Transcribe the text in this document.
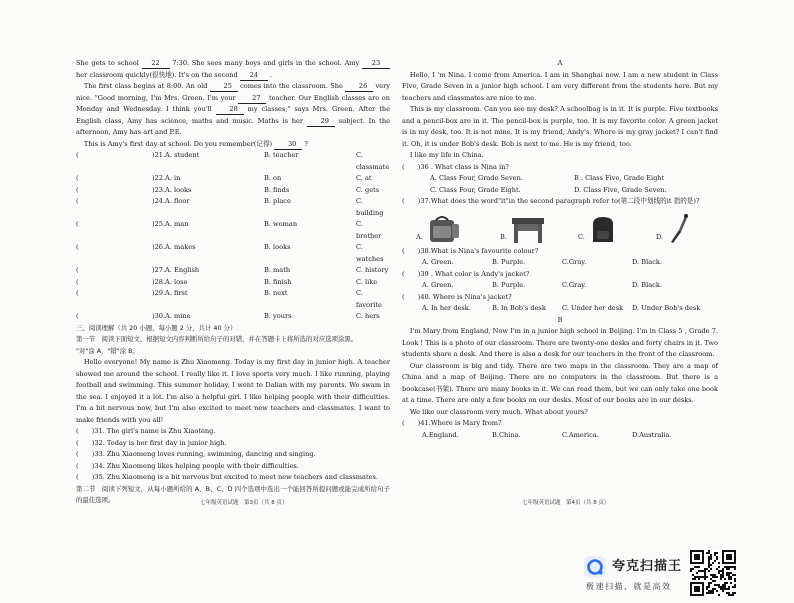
She gets to school 22 7:30. She sees many boys and girls in the school. Amy 23 her classroom quickly(很快地). It's on the second 24 .

The first class begins at 8:00. An old 25 comes into the classroom. She 26 very nice. "Good morning, I'm Mrs. Green. I'm your 27 teacher. Our English classes are on Monday and Wednesday. I think you'll 28 my classes," says Mrs. Green. After the English class, Amy has science, maths and music. Maths is her 29 subject. In the afternoon, Amy has art and P.E.

This is Amy's first day at school. Do you remember(记得) 30 ?

(	)21.A. student	B. teacher	C. classmate
(	)22.A. in	B. on	C. at
(	)23.A. looks	B. finds	C. gets
(	)24.A. floor	B. place	C. building
(	)25.A. man	B. woman	C. brother
(	)26.A. makes	B. looks	C. watches
(	)27.A. English	B. math	C. history
(	)28.A. lose	B. finish	C. like
(	)29.A. first	B. next	C. favorite
(	)30.A. mine	B. yours	C. hers

三、阅读理解（共 20 小题，每小题 2 分，共计 40 分）

第一节　阅读下面短文，根据短文内容判断所给句子的对错，并在答题卡上将所选的对应选项涂黑。

"对"涂 A，"错"涂 B。

Hello everyone! My name is Zhu Xiaomeng. Today is my first day in junior high. A teacher showed me around the school. I really like it. I love sports very much. I like running, playing football and swimming. This summer holiday, I went to Dalian with my parents. We swam in the sea. I enjoyed it a lot. I'm also a helpful girl. I like helping people with their difficulties. I'm a bit nervous now, but I'm also excited to meet new teachers and classmates. I want to make friends with you all!

(　　)31. The girl's name is Zhu Xiaoteng.
(　　)32. Today is her first day in junior high.
(　　)33. Zhu Xiaomeng loves running, swimming, dancing and singing.
(　　)34. Zhu Xiaomeng likes helping people with their difficulties.
(　　)35. Zhu Xiaomeng is a bit nervous but excited to meet new teachers and classmates.

第二节　阅读下列短文，从每小题所给的 A、B、C、D 四个选项中选出一个能回答所提问题或能完成所给句子的最佳选项。	七年级英语试题　第3页（共 8 页）
A

Hello, I 'm Nina. I come from America. I am in Shanghai now. I am a new student in Class Five, Grade Seven in a junior high school. I am very different from the students here. But my teachers and classmates are nice to me.

This is my classroom. Can you see my desk? A schoolbag is in it. It is purple. Five textbooks and a pencil-box are in it. The pencil-box is purple, too. It is my favorite color. A green jacket is in my desk, too. It is not mine. It is my friend, Andy's. Where is my gray jacket? I can't find it. Oh, it is under Bob's desk. Bob is next to me. He is my friend, too.

I like my life in China.

(　　)36 . What class is Nina in?
A. Class Four, Grade Seven.	B . Class Five, Grade Eight
C. Class Four, Grade Eight.	D. Class Five, Grade Seven.
(　　)37.What does the word"it"in the second paragraph refer to(第二段中划线的it 指的是)?
A.	B.	C.	D.
(　　)38.What is Nina's favourite colour?
A. Green.	B. Purple.	C.Gray.	D. Black.
(　　)39 . What color is Andy's jacket?
A. Green.	B. Purple.	C.Gray.	D. Black.
(　　)40. Where is Nina's jacket?
A. In her desk.	B. In Bob's desk	C. Under her desk	D. Under Bob's desk
B

I'm Mary from England, Now I'm in a junior high school in Beijing. I'm in Class 5 , Grade 7. Look ! This is a photo of our classroom. There are twenty-one desks and forty chairs in it. Two students share a desk. And there is also a desk for our teachers in the front of the classroom.

Our classroom is big and tidy. There are two maps in the classroom. They are a map of China and a map of Beijing. There are no computers in the classroom. But there is a bookcase(书架). There are many books in it. We can read them, but we can only take one book at a time. There are only a few books on our desks. Most of our books are in our desks.

We like our classroom very much. What about yours?

(　　)41.Where is Mary from?
A.England.	B.China.	C.America.	D.Australia.
七年级英语试题　第4页（共 8 页）
夸克扫描王
极速扫描，就是高效
